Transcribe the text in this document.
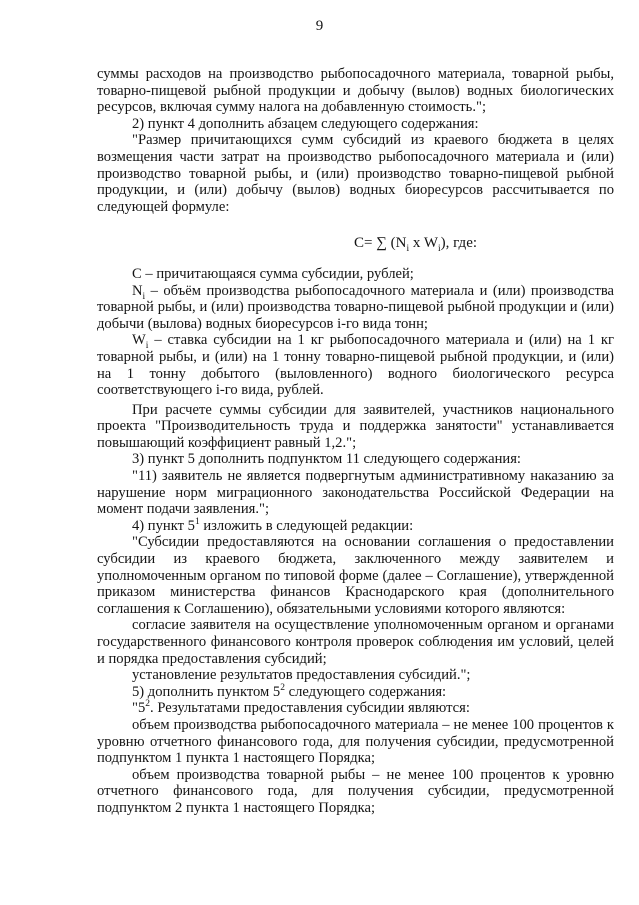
9

суммы расходов на производство рыбопосадочного материала, товарной рыбы, товарно-пищевой рыбной продукции и добычу (вылов) водных биологических ресурсов, включая сумму налога на добавленную стоимость.";

2) пункт 4 дополнить абзацем следующего содержания:

"Размер причитающихся сумм субсидий из краевого бюджета в целях возмещения части затрат на производство рыбопосадочного материала и (или) производство товарной рыбы, и (или) производство товарно-пищевой рыбной продукции, и (или) добычу (вылов) водных биоресурсов рассчитывается по следующей формуле:

C= ∑ ($N_i$ x $W_i$), где:

С – причитающаяся сумма субсидии, рублей;

$N_i$ – объём производства рыбопосадочного материала и (или) производства товарной рыбы, и (или) производства товарно-пищевой рыбной продукции и (или) добычи (вылова) водных биоресурсов i-го вида тонн;

$W_i$ – ставка субсидии на 1 кг рыбопосадочного материала и (или) на 1 кг товарной рыбы, и (или) на 1 тонну товарно-пищевой рыбной продукции, и (или) на 1 тонну добытого (выловленного) водного биологического ресурса соответствующего i-го вида, рублей.

При расчете суммы субсидии для заявителей, участников национального проекта "Производительность труда и поддержка занятости" устанавливается повышающий коэффициент равный 1,2.";

3) пункт 5 дополнить подпунктом 11 следующего содержания:

"11) заявитель не является подвергнутым административному наказанию за нарушение норм миграционного законодательства Российской Федерации на момент подачи заявления.";

4) пункт $5^1$ изложить в следующей редакции:

"Субсидии предоставляются на основании соглашения о предоставлении субсидии из краевого бюджета, заключенного между заявителем и уполномоченным органом по типовой форме (далее – Соглашение), утвержденной приказом министерства финансов Краснодарского края (дополнительного соглашения к Соглашению), обязательными условиями которого являются:

согласие заявителя на осуществление уполномоченным органом и органами государственного финансового контроля проверок соблюдения им условий, целей и порядка предоставления субсидий;

установление результатов предоставления субсидий.";

5) дополнить пунктом $5^2$ следующего содержания:

"$5^2$. Результатами предоставления субсидии являются:

объем производства рыбопосадочного материала – не менее 100 процентов к уровню отчетного финансового года, для получения субсидии, предусмотренной подпунктом 1 пункта 1 настоящего Порядка;

объем производства товарной рыбы – не менее 100 процентов к уровню отчетного финансового года, для получения субсидии, предусмотренной подпунктом 2 пункта 1 настоящего Порядка;
